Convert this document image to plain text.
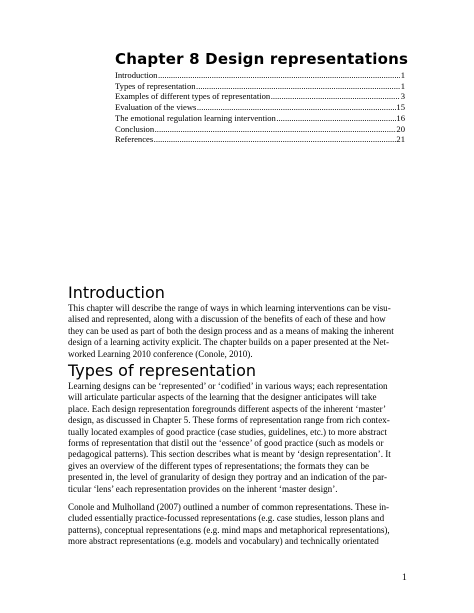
Chapter 8 Design representations
Introduction .....	1
Types of representation .....	1
Examples of different types of representation .....	3
Evaluation of the views .....	15
The emotional regulation learning intervention .....	16
Conclusion .....	20
References .....	21
Introduction
This chapter will describe the range of ways in which learning interventions can be visu-
alised and represented, along with a discussion of the benefits of each of these and how
they can be used as part of both the design process and as a means of making the inherent
design of a learning activity explicit. The chapter builds on a paper presented at the Net-
worked Learning 2010 conference (Conole, 2010).
Types of representation
Learning designs can be ‘represented’ or ‘codified’ in various ways; each representation
will articulate particular aspects of the learning that the designer anticipates will take
place. Each design representation foregrounds different aspects of the inherent ‘master’
design, as discussed in Chapter 5. These forms of representation range from rich contex-
tually located examples of good practice (case studies, guidelines, etc.) to more abstract
forms of representation that distil out the ‘essence’ of good practice (such as models or
pedagogical patterns). This section describes what is meant by ‘design representation’. It
gives an overview of the different types of representations; the formats they can be
presented in, the level of granularity of design they portray and an indication of the par-
ticular ‘lens’ each representation provides on the inherent ‘master design’.
Conole and Mulholland (2007) outlined a number of common representations. These in-
cluded essentially practice-focussed representations (e.g. case studies, lesson plans and
patterns), conceptual representations (e.g. mind maps and metaphorical representations),
more abstract representations (e.g. models and vocabulary) and technically orientated
1
